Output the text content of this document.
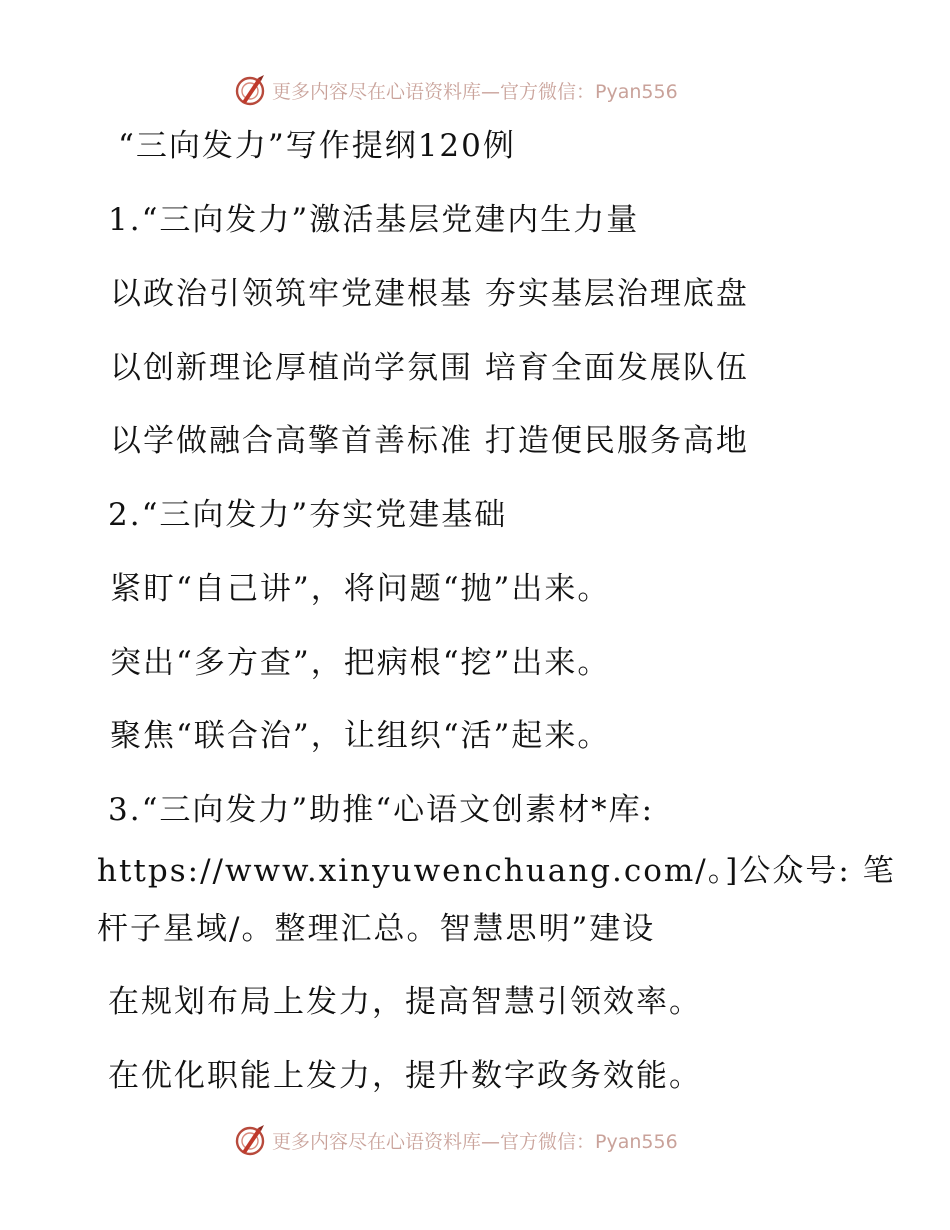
更多内容尽在心语资料库—官方微信：Pyan556
“三向发力”写作提纲120例
1.“三向发力”激活基层党建内生力量
以政治引领筑牢党建根基 夯实基层治理底盘
以创新理论厚植尚学氛围 培育全面发展队伍
以学做融合高擎首善标准 打造便民服务高地
2.“三向发力”夯实党建基础
紧盯“自己讲”，将问题“抛”出来。
突出“多方查”，把病根“挖”出来。
聚焦“联合治”，让组织“活”起来。
3.“三向发力”助推“心语文创素材*库:
https://www.xinyuwenchuang.com/。]公众号: 笔
杆子星域/。整理汇总。智慧思明”建设
在规划布局上发力，提高智慧引领效率。
在优化职能上发力，提升数字政务效能。
更多内容尽在心语资料库—官方微信：Pyan556
